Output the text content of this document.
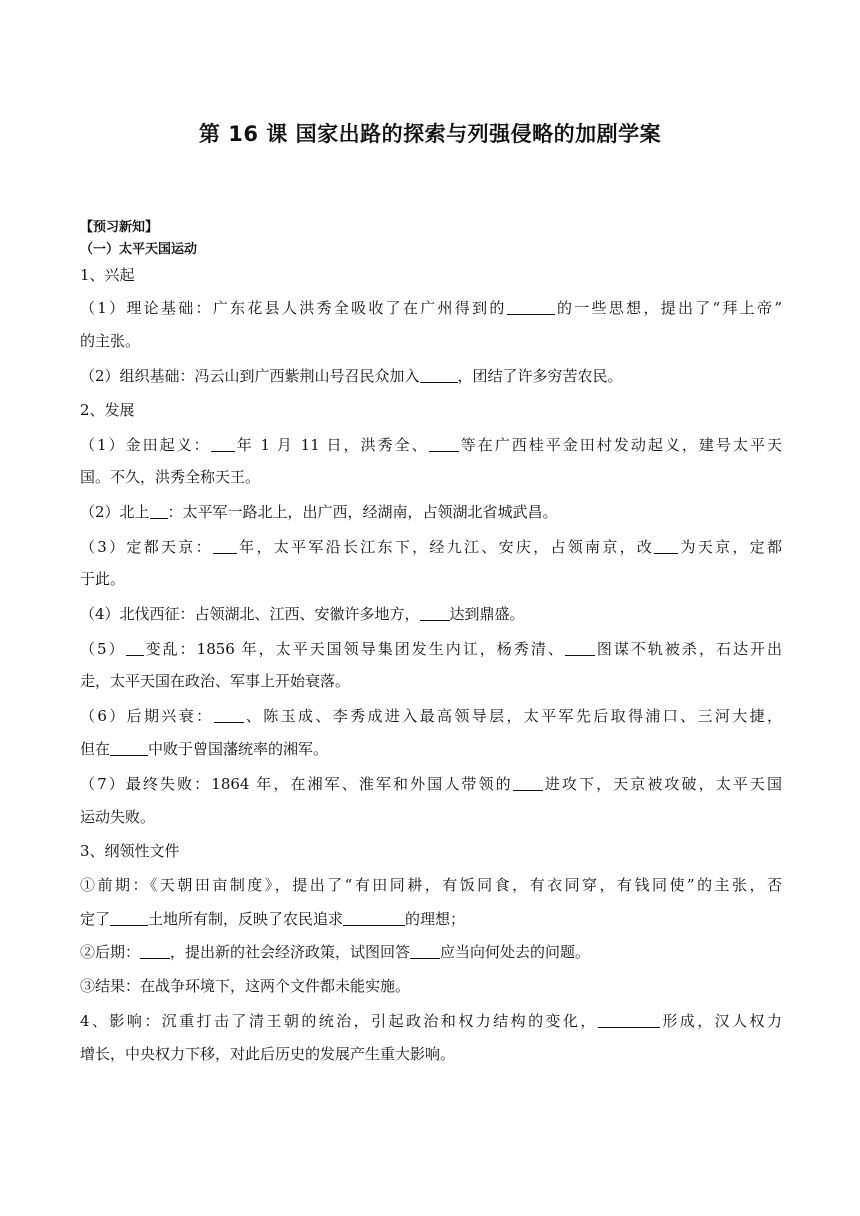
第 16 课 国家出路的探索与列强侵略的加剧学案
【预习新知】
（一）太平天国运动
1、兴起
（1）理论基础：广东花县人洪秀全吸收了在广州得到的	的一些思想，提出了“拜上帝”
的主张。
（2）组织基础：冯云山到广西紫荆山号召民众加入	，团结了许多穷苦农民。
2、发展
（1）金田起义： 年 1 月 11 日，洪秀全、 等在广西桂平金田村发动起义，建号太平天
国。不久，洪秀全称天王。
（2）北上 ：太平军一路北上，出广西，经湖南，占领湖北省城武昌。
（3）定都天京： 年，太平军沿长江东下，经九江、安庆，占领南京，改 为天京，定都
于此。
（4）北伐西征：占领湖北、江西、安徽许多地方， 达到鼎盛。
（5） 变乱：1856 年，太平天国领导集团发生内讧，杨秀清、 图谋不轨被杀，石达开出
走，太平天国在政治、军事上开始衰落。
（6）后期兴衰： 、陈玉成、李秀成进入最高领导层，太平军先后取得浦口、三河大捷，
但在	中败于曾国藩统率的湘军。
（7）最终失败：1864 年，在湘军、淮军和外国人带领的 进攻下，天京被攻破，太平天国
运动失败。
3、纲领性文件
①前期：《天朝田亩制度》，提出了“有田同耕，有饭同食，有衣同穿，有钱同使”的主张，否
定了	土地所有制，反映了农民追求	的理想；
②后期： ，提出新的社会经济政策，试图回答 应当向何处去的问题。
③结果：在战争环境下，这两个文件都未能实施。
4、影响：沉重打击了清王朝的统治，引起政治和权力结构的变化，	形成，汉人权力
增长，中央权力下移，对此后历史的发展产生重大影响。
